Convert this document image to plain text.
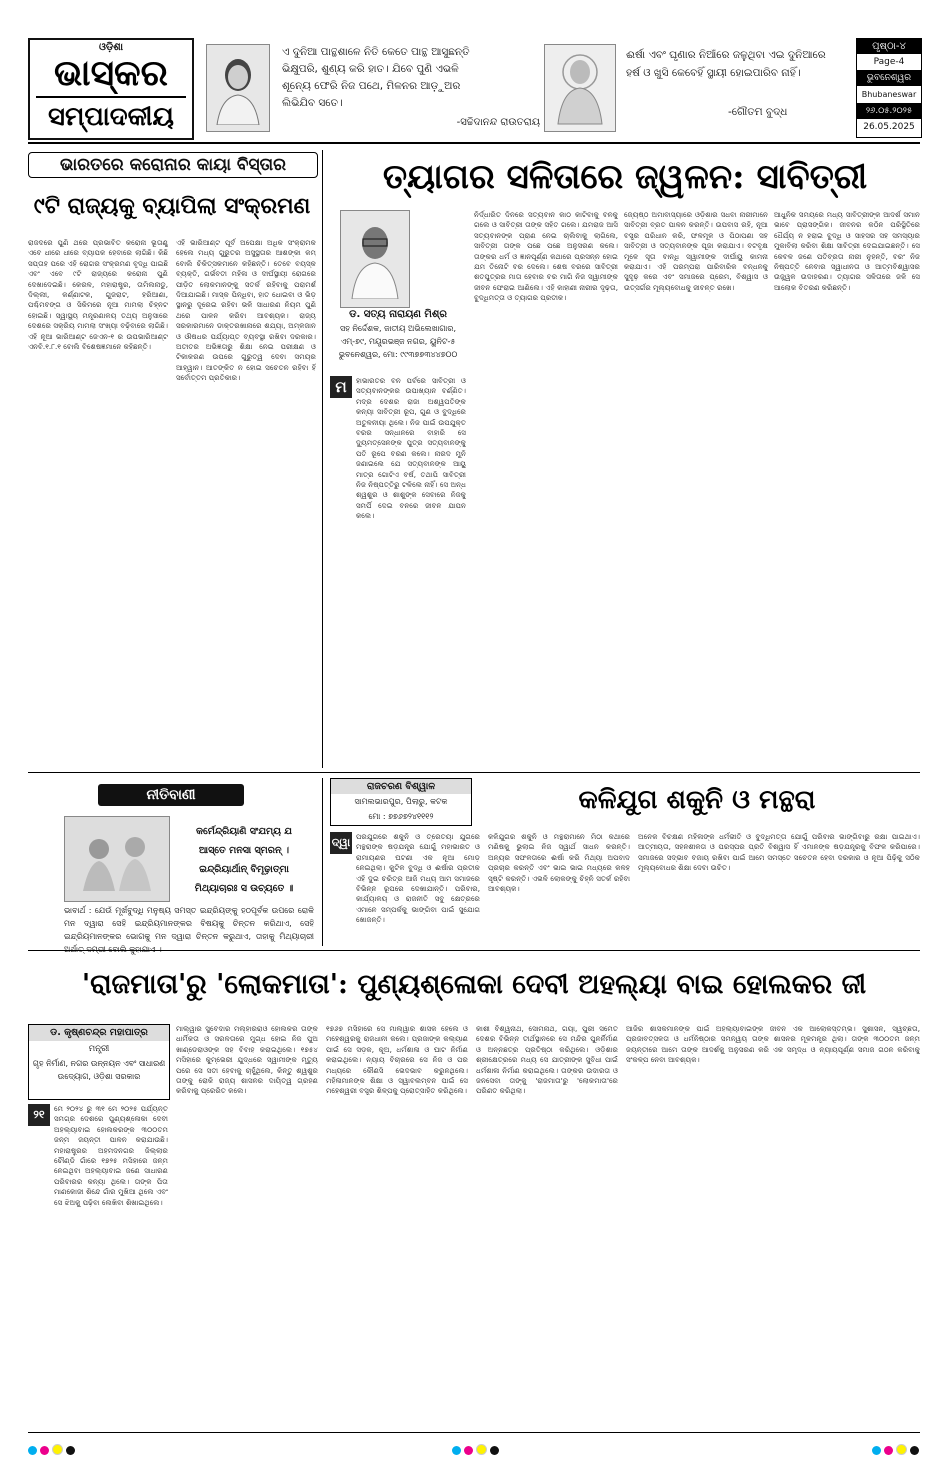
ଓଡ଼ିଶା
ଭାସ୍କର
ସମ୍ପାଦକୀୟ
ଏ ଦୁନିଆ ପାନ୍ଥଶାଳେ ନିତି କେତେ ପାନ୍ଥ ଆସୁଛନ୍ତି ଭିକ୍ଷୁପରି, ଶୁଣ୍ୟ କରି ହାତ। ଯିବେ ପୁଣି ଏଭଳି ଶୂନ୍ୟେ ଫେରି ନିଜ ପଥେ, ମିଳନର ଆଡ଼ୁଅର ଲିଭିଯିବ ସତେ।
-ସଚ୍ଚିଦାନନ୍ଦ ରାଉତରାୟ
ଈର୍ଷା ଏବଂ ଘୃଣାର ନିଆଁରେ ଜଳୁଥିବା ଏଇ ଦୁନିଆରେ ହର୍ଷ ଓ ଖୁସି କେବେହିଁ ସ୍ଥାୟୀ ହୋଇପାରିବ ନାହିଁ।
-ଗୌତମ ବୁଦ୍ଧ
ପୃଷ୍ଠା-୪
Page-4
ଭୁବନେଶ୍ୱର
Bhubaneswar
୨୬.୦୫.୨୦୨୫
26.05.2025
ଭାରତରେ କରୋନାର କାୟା ବିସ୍ତାର
୯ଟି ରାଜ୍ୟକୁ ବ୍ୟାପିଲା ସଂକ୍ରମଣ
ରାଜଦରେ ପୁଣି ଥରେ ପ୍ରଭାବିତ କରୋନା ଭୂତାଣୁ ଏବେ ଧୀରେ ଧୀରେ ବ୍ୟାପକ ହେବାରେ ଲାଗିଛି। କିଛି ସପ୍ତାହ ପରେ ଏହି ରୋଗର ସଂକ୍ରମଣ ବୃଦ୍ଧି ପାଇଛି ଏବଂ ଏବେ ୯ଟି ରାଜ୍ୟରେ କରୋନା ପୁଣି ଦେଖାଦେଇଛି। କେରଳ, ମହାରାଷ୍ଟ୍ର, ତାମିଲନାଡୁ, ଦିଲ୍ଲୀ, କର୍ଣ୍ଣାଟକ, ଗୁଜରାଟ, ହରିଆଣା, ପଶ୍ଚିମବଙ୍ଗ ଓ ସିକିମରେ ନୂଆ ମାମଲା ଚିହ୍ନଟ ହୋଇଛି। ସ୍ୱାସ୍ଥ୍ୟ ମନ୍ତ୍ରଣାଳୟ ତଥ୍ୟ ଅନୁସାରେ ଦେଶରେ ସକ୍ରିୟ ମାମଲା ସଂଖ୍ୟା ବଢ଼ିବାରେ ଲାଗିଛି। ଏହି ନୂଆ ଭାରିଆଣ୍ଟ ଜେଏନ-୧ ର ଉପଭାରିଆଣ୍ଟ ଏନବି.୧.୮.୧ ବୋଲି ବିଶେଷଜ୍ଞମାନେ କହିଛନ୍ତି।
ଏହି ଭାରିଆଣ୍ଟ ପୂର୍ବ ଅପେକ୍ଷା ଅଧିକ ସଂକ୍ରାମକ ହେଲେ ମଧ୍ୟ ଗୁରୁତର ଅସୁସ୍ଥତାର ଆଶଙ୍କା କମ୍ ବୋଲି ଚିକିତ୍ସକମାନେ କହିଛନ୍ତି। ତେବେ ବୟସ୍କ ବ୍ୟକ୍ତି, ଗର୍ଭବତୀ ମହିଳା ଓ ଦୀର୍ଘସ୍ଥାୟୀ ରୋଗରେ ପୀଡ଼ିତ ଲୋକମାନଙ୍କୁ ସତର୍କ ରହିବାକୁ ପରାମର୍ଶ ଦିଆଯାଇଛି। ମାସ୍କ ପିନ୍ଧିବା, ହାତ ଧୋଇବା ଓ ଭିଡ଼ ସ୍ଥାନରୁ ଦୂରେଇ ରହିବା ଭଳି ସାଧାରଣ ନିୟମ ପୁଣି ଥରେ ପାଳନ କରିବା ଆବଶ୍ୟକ। ରାଜ୍ୟ ସରକାରମାନେ ଡାକ୍ତରଖାନାରେ ଶଯ୍ୟା, ଅମ୍ଳଜାନ ଓ ଔଷଧର ପର୍ଯ୍ୟାପ୍ତ ବ୍ୟବସ୍ଥା ରଖିବା ଦରକାର। ଅତୀତର ଅଭିଜ୍ଞତାରୁ ଶିକ୍ଷା ନେଇ ପରୀକ୍ଷଣ ଓ ଟିକାକରଣ ଉପରେ ଗୁରୁତ୍ୱ ଦେବା ସମୟର ଆହ୍ୱାନ। ଆତଙ୍କିତ ନ ହୋଇ ସଚେତନ ରହିବା ହିଁ ସର୍ବୋତ୍ତମ ପ୍ରତିକାର।
ତ୍ୟାଗର ସଳିତାରେ ଜ୍ୱଳନ: ସାବିତ୍ରୀ
ଡ. ସତ୍ୟ ନାରାୟଣ ମିଶ୍ର
ସହ ନିର୍ଦ୍ଦେଶକ, ଜାତୀୟ ଅଭିଲେଖାଗାର, ଏମ୍-୭୯, ମୟୂରଭଞ୍ଜ ନଗର, ୟୁନିଟ-୫ ଭୁବନେଶ୍ୱର, ମୋ: ୯୯୩୭୭୩୪୪୭୦୦
ମ	ହାଭାରତର ବନ ପର୍ବରେ ସାବିତ୍ରୀ ଓ ସତ୍ୟବାନଙ୍କର ଉପାଖ୍ୟାନ ବର୍ଣ୍ଣିତ। ମଦ୍ର ଦେଶର ରାଜା ଅଶ୍ୱପତିଙ୍କ କନ୍ୟା ସାବିତ୍ରୀ ରୂପ, ଗୁଣ ଓ ବୁଦ୍ଧିରେ ଅତୁଳନୀୟା ଥିଲେ। ନିଜ ପାଇଁ ଉପଯୁକ୍ତ ବରର ସନ୍ଧାନରେ ବାହାରି ସେ ଦ୍ୟୁମତ୍ସେନଙ୍କ ପୁତ୍ର ସତ୍ୟବାନଙ୍କୁ ପତି ରୂପେ ବରଣ କଲେ। ନାରଦ ମୁନି ଜଣାଇଲେ ଯେ ସତ୍ୟବାନଙ୍କ ଆୟୁ ମାତ୍ର ଗୋଟିଏ ବର୍ଷ, ତଥାପି ସାବିତ୍ରୀ ନିଜ ନିଷ୍ପତ୍ତିରୁ ଟଳିଲେ ନାହିଁ। ସେ ଅନ୍ଧ ଶ୍ୱଶୁର ଓ ଶାଶୁଙ୍କ ସେବାରେ ନିଜକୁ ସମର୍ପି ଦେଇ ବନରେ ଜୀବନ ଯାପନ କଲେ।
ନିର୍ଦ୍ଧାରିତ ଦିନରେ ସତ୍ୟବାନ କାଠ କାଟିବାକୁ ବନକୁ ଗଲେ ଓ ସାବିତ୍ରୀ ତାଙ୍କ ସହିତ ଗଲେ। ଯମରାଜ ଆସି ସତ୍ୟବାନଙ୍କ ପ୍ରାଣ ନେଇ ଚାଲିବାକୁ ଲାଗିଲେ, ସାବିତ୍ରୀ ତାଙ୍କ ପଛେ ପଛେ ଅନୁସରଣ କଲେ। ତାଙ୍କର ଧର୍ମ ଓ ଜ୍ଞାନପୂର୍ଣ୍ଣ କଥାରେ ପ୍ରସନ୍ନ ହୋଇ ଯମ ତିନୋଟି ବର ଦେଲେ। ଶେଷ ବରରେ ସାବିତ୍ରୀ ଶତପୁତ୍ରର ମାତା ହେବାର ବର ମାଗି ନିଜ ସ୍ୱାମୀଙ୍କ ଜୀବନ ଫେରାଇ ଆଣିଲେ। ଏହି କାହାଣୀ ନାରୀର ଦୃଢ଼ତା, ବୁଦ୍ଧିମତ୍ତା ଓ ତ୍ୟାଗର ପ୍ରତୀକ।
ଜ୍ୟେଷ୍ଠ ଅମାବାସ୍ୟାରେ ଓଡ଼ିଶାର ସଧବା ନାରୀମାନେ ସାବିତ୍ରୀ ବ୍ରତ ପାଳନ କରନ୍ତି। ଉପବାସ ରହି, ନୂଆ ବସ୍ତ୍ର ପରିଧାନ କରି, ଫଳମୂଳ ଓ ପିଠାପଣା ସହ ସାବିତ୍ରୀ ଓ ସତ୍ୟବାନଙ୍କ ପୂଜା କରାଯାଏ। ବଟବୃକ୍ଷ ମୂଳେ ସୂତା ବାନ୍ଧି ସ୍ୱାମୀଙ୍କ ଦୀର୍ଘାୟୁ କାମନା କରାଯାଏ। ଏହି ପରମ୍ପରା ପାରିବାରିକ ବନ୍ଧନକୁ ସୁଦୃଢ଼ କରେ ଏବଂ ସମାଜରେ ପ୍ରେମ, ବିଶ୍ୱାସ ଓ ଉତ୍ସର୍ଗର ମୂଲ୍ୟବୋଧକୁ ଜୀବନ୍ତ ରଖେ।
ଆଧୁନିକ ସମୟରେ ମଧ୍ୟ ସାବିତ୍ରୀଙ୍କ ଆଦର୍ଶ ସମାନ ଭାବେ ପ୍ରାସଙ୍ଗିକ। ଜୀବନର କଠିନ ପରିସ୍ଥିତିରେ ଧୈର୍ଯ୍ୟ ନ ହରାଇ ବୁଦ୍ଧି ଓ ସାହସର ସହ ସମସ୍ୟାର ମୁକାବିଲା କରିବା ଶିକ୍ଷା ସାବିତ୍ରୀ ଦେଇଯାଇଛନ୍ତି। ସେ କେବଳ ଜଣେ ପତିବ୍ରତା ନାରୀ ନୁହନ୍ତି, ବରଂ ନିଜ ନିଷ୍ପତ୍ତି ନେବାର ସ୍ୱାଧୀନତା ଓ ଆତ୍ମବିଶ୍ୱାସର ଉଜ୍ଜ୍ୱଳ ଉଦାହରଣ। ତ୍ୟାଗର ସଳିତାରେ ଜଳି ସେ ଆଲୋକ ବିତରଣ କରିଛନ୍ତି।
ନୀତିବାଣୀ
କର୍ମେନ୍ଦ୍ରିୟାଣି ସଂଯମ୍ୟ ଯ
ଆସ୍ତେ ମନସା ସ୍ମରନ୍ ।
ଇନ୍ଦ୍ରିୟାର୍ଥାନ୍ ବିମୂଢ଼ାତ୍ମା
ମିଥ୍ୟାଚାରଃ ସ ଉଚ୍ୟତେ ॥
ଭାବାର୍ଥ : ଯେଉଁ ମୂର୍ଖବୁଦ୍ଧି ମନୁଷ୍ୟ ସମସ୍ତ ଇନ୍ଦ୍ରିୟଙ୍କୁ ହଠପୂର୍ବକ ଉପରେ ରୋକି ମନ ଦ୍ୱାରା ସେହି ଇନ୍ଦ୍ରିୟମାନଙ୍କର ବିଷୟକୁ ଚିନ୍ତନ କରିଥାଏ, ସେହି ଇନ୍ଦ୍ରିୟମାନଙ୍କର ଭୋଗକୁ ମନ ଦ୍ୱାରା ଚିନ୍ତନ କରୁଥାଏ, ତାହାକୁ ମିଥ୍ୟାଚାରୀ
ରାଜଚରଣ ବିଶ୍ୱାଳ
ସାମଲଭାରପୁର, ପିଲାରୁ, କଟକ
ମୋ : ୭୭୬୭୨୪୧୧୧୨
କଳିଯୁଗ ଶକୁନି ଓ ମନ୍ଥରା
ଦ୍ୱା ପରଯୁଗରେ ଶକୁନି ଓ ତ୍ରେତୟା ଯୁଗରେ ମନ୍ଥରାଙ୍କ ଷଡ଼ଯନ୍ତ୍ର ଯୋଗୁଁ ମହାଭାରତ ଓ ରାମାୟଣର ଘଟଣା ଏକ ନୂଆ ମୋଡ଼ ନେଇଥିଲା। କୁଟିଳ ବୁଦ୍ଧି ଓ ଈର୍ଷାର ପ୍ରତୀକ ଏହି ଦୁଇ ଚରିତ୍ର ଆଜି ମଧ୍ୟ ଆମ ସମାଜରେ ବିଭିନ୍ନ ରୂପରେ ଦେଖାଯାନ୍ତି। ପରିବାର, କାର୍ଯ୍ୟାଳୟ ଓ ରାଜନୀତି ସବୁ କ୍ଷେତ୍ରରେ ଏମାନେ ସମ୍ପର୍କକୁ ଭାଙ୍ଗିବା ପାଇଁ ସୁଯୋଗ ଖୋଜନ୍ତି।
କଳିଯୁଗର ଶକୁନି ଓ ମନ୍ଥରାମାନେ ମିଠା କଥାରେ ମଣିଷକୁ ଭୁଲାଇ ନିଜ ସ୍ୱାର୍ଥ ସାଧନ କରନ୍ତି। ଅନ୍ୟର ସଫଳତାରେ ଈର୍ଷା କରି ମିଥ୍ୟା ଅପବାଦ ପ୍ରଚାର କରନ୍ତି ଏବଂ ଭାଇ ଭାଇ ମଧ୍ୟରେ କଳହ ସୃଷ୍ଟି କରନ୍ତି। ଏଭଳି ଲୋକଙ୍କୁ ଚିହ୍ନି ସତର୍କ ରହିବା ଆବଶ୍ୟକ।
ଅନେକ ବିଚକ୍ଷଣ ମହିଳାଙ୍କ ଧର୍ମଭୀତି ଓ ବୁଦ୍ଧିମତ୍ତା ଯୋଗୁଁ ପରିବାର ଭାଙ୍ଗିବାରୁ ରକ୍ଷା ପାଇଥାଏ। ଆତ୍ମୀୟତା, ସହନଶୀଳତା ଓ ପରସ୍ପର ପ୍ରତି ବିଶ୍ୱାସ ହିଁ ଏମାନଙ୍କ ଷଡ଼ଯନ୍ତ୍ରକୁ ବିଫଳ କରିପାରେ। ସମାଜରେ ସଦ୍ଭାବ ବଜାୟ ରଖିବା ପାଇଁ ଆମେ ସମସ୍ତେ ସଚେତନ ହେବା ଦରକାର ଓ ନୂଆ ପିଢ଼ିକୁ ସଠିକ ମୂଲ୍ୟବୋଧର ଶିକ୍ଷା ଦେବା ଉଚିତ।
'ରାଜମାତା'ରୁ 'ଲୋକମାତା': ପୁଣ୍ୟଶ୍ଳୋକା ଦେବୀ ଅହଲ୍ୟା ବାଇ ହୋଲକର ଜୀ
ଡ. କୃଷ୍ଣଚନ୍ଦ୍ର ମହାପାତ୍ର
ମନ୍ତ୍ରୀ
ଗୃହ ନିର୍ମାଣ, ନଗର ଉନ୍ନୟନ ଏବଂ ସାଧାରଣ ଉଦ୍ୟୋଗ, ଓଡ଼ିଶା ସରକାର
୨୧	ମେ ୨୦୨୪ ରୁ ୩୧ ମେ ୨୦୨୫ ପର୍ଯ୍ୟନ୍ତ ସମଗ୍ର ଦେଶରେ ପୁଣ୍ୟଶ୍ଳୋକା ଦେବୀ ଅହଲ୍ୟାବାଇ ହୋଲକରଙ୍କ ୩୦୦ତମ ଜନ୍ମ ଜୟନ୍ତୀ ପାଳନ କରାଯାଉଛି। ମହାରାଷ୍ଟ୍ରର ଅହମଦନଗର ଜିଲ୍ଲାର ଚୌଣ୍ଡି ଗାଁରେ ୧୭୨୫ ମସିହାରେ ଜନ୍ମ ନେଇଥିବା ଅହଲ୍ୟାବାଇ ଜଣେ ସାଧାରଣ ପରିବାରର କନ୍ୟା ଥିଲେ। ତାଙ୍କ ପିତା ମାଣକୋଜୀ ଶିନ୍ଦେ ଗାଁର ମୁଖିଆ ଥିଲେ ଏବଂ ସେ ଝିଅକୁ ପଢ଼ିବା ଲେଖିବା ଶିଖାଇଥିଲେ।
ମାଲ୍ୱାର ସୁବେଦାର ମଲ୍ହାରରାଓ ହୋଲକର ତାଙ୍କ ଧାର୍ମିକତା ଓ ସରଳତାରେ ମୁଗ୍ଧ ହୋଇ ନିଜ ପୁଅ ଖାଣ୍ଡେରାଓଙ୍କ ସହ ବିବାହ କରାଇଥିଲେ। ୧୭୫୪ ମସିହାରେ କୁମ୍ଭେରୀ ଯୁଦ୍ଧରେ ସ୍ୱାମୀଙ୍କ ମୃତ୍ୟୁ ପରେ ସେ ସତୀ ହେବାକୁ ଚାହୁଁଥିଲେ, କିନ୍ତୁ ଶ୍ୱଶୁର ତାଙ୍କୁ ରୋକି ରାଜ୍ୟ ଶାସନର ଦାୟିତ୍ୱ ଗ୍ରହଣ କରିବାକୁ ପ୍ରେରିତ କଲେ।
୧୭୬୭ ମସିହାରେ ସେ ମାଲ୍ୱାର ଶାସକ ହେଲେ ଓ ମହେଶ୍ୱରକୁ ରାଜଧାନୀ କଲେ। ପ୍ରଜାଙ୍କ କଲ୍ୟାଣ ପାଇଁ ସେ ସଡ଼କ, କୂଅ, ଧର୍ମଶାଳା ଓ ଘାଟ ନିର୍ମାଣ କରାଇଥିଲେ। ନ୍ୟାୟ ବିଚାରରେ ସେ ନିଜ ଓ ପର ମଧ୍ୟରେ କୌଣସି ଭେଦଭାବ କରୁନଥିଲେ। ମହିଳାମାନଙ୍କ ଶିକ୍ଷା ଓ ସ୍ୱାବଲମ୍ବନ ପାଇଁ ସେ ମହେଶ୍ୱରୀ ବସ୍ତ୍ର ଶିଳ୍ପକୁ ପ୍ରୋତ୍ସାହିତ କରିଥିଲେ।
କାଶୀ ବିଶ୍ୱନାଥ, ସୋମନାଥ, ଗୟା, ପୁରୀ ସମେତ ଦେଶର ବିଭିନ୍ନ ତୀର୍ଥସ୍ଥାନରେ ସେ ମନ୍ଦିର ପୁନର୍ନିର୍ମାଣ ଓ ଅନ୍ନଛତ୍ର ପ୍ରତିଷ୍ଠା କରିଥିଲେ। ଓଡ଼ିଶାର ଶ୍ରୀକ୍ଷେତ୍ରରେ ମଧ୍ୟ ସେ ଯାତ୍ରୀଙ୍କ ସୁବିଧା ପାଇଁ ଧର୍ମଶାଳା ନିର୍ମାଣ କରାଇଥିଲେ। ତାଙ୍କର ଉଦାରତା ଓ ଜନସେବା ତାଙ୍କୁ 'ରାଜମାତା'ରୁ 'ଲୋକମାତା'ରେ ପରିଣତ କରିଥିଲା।
ଆଜିର ଶାସକମାନଙ୍କ ପାଇଁ ଅହଲ୍ୟାବାଇଙ୍କ ଜୀବନ ଏକ ଆଲୋକସ୍ତମ୍ଭ। ସୁଶାସନ, ସ୍ୱଚ୍ଛତା, ପ୍ରଜାବତ୍ସଳତା ଓ ଧର୍ମନିଷ୍ଠାର ସମନ୍ୱୟ ତାଙ୍କ ଶାସନର ମୂଳମନ୍ତ୍ର ଥିଲା। ତାଙ୍କ ୩୦୦ତମ ଜନ୍ମ ଜୟନ୍ତୀରେ ଆମେ ତାଙ୍କ ଆଦର୍ଶକୁ ଅନୁସରଣ କରି ଏକ ସମୃଦ୍ଧ ଓ ନ୍ୟାୟପୂର୍ଣ୍ଣ ସମାଜ ଗଠନ କରିବାକୁ ସଂକଳ୍ପ ନେବା ଆବଶ୍ୟକ।
